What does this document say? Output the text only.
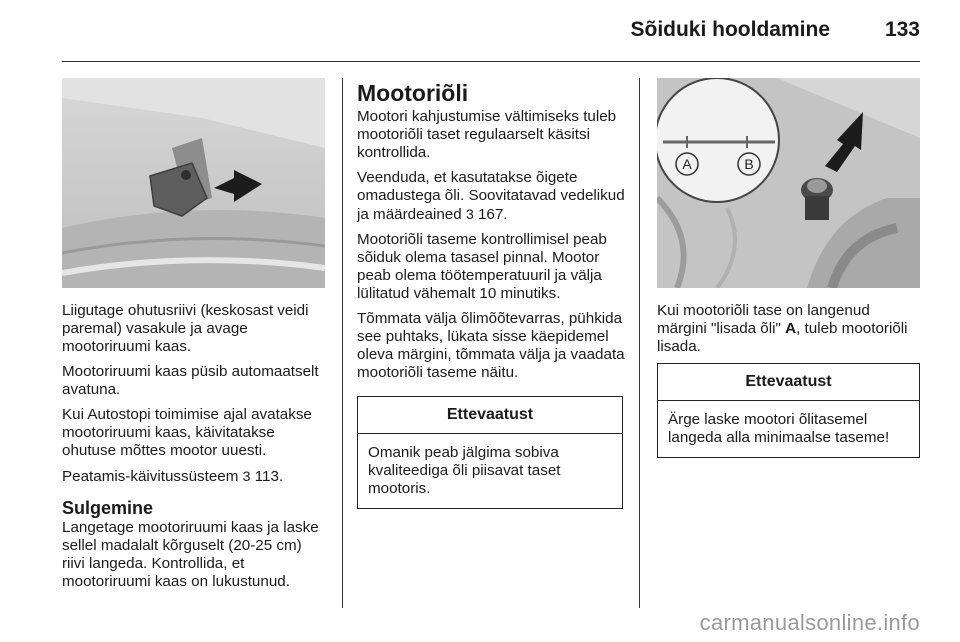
Sõiduki hooldamine	133

Liigutage ohutusriivi (keskosast veidi paremal) vasakule ja avage mootoriruumi kaas.

Mootoriruumi kaas püsib automaatselt avatuna.

Kui Autostopi toimimise ajal avatakse mootoriruumi kaas, käivitatakse ohutuse mõttes mootor uuesti.

Peatamis-käivitussüsteem 3 113.

Sulgemine

Langetage mootoriruumi kaas ja laske sellel madalalt kõrguselt (20-25 cm) riivi langeda. Kontrollida, et mootoriruumi kaas on lukustunud.

Mootoriõli

Mootori kahjustumise vältimiseks tuleb mootoriõli taset regulaarselt käsitsi kontrollida.

Veenduda, et kasutatakse õigete omadustega õli. Soovitatavad vedelikud ja määrdeained 3 167.

Mootoriõli taseme kontrollimisel peab sõiduk olema tasasel pinnal. Mootor peab olema töötemperatuuril ja välja lülitatud vähemalt 10 minutiks.

Tõmmata välja õlimõõtevarras, pühkida see puhtaks, lükata sisse käepidemel oleva märgini, tõmmata välja ja vaadata mootoriõli taseme näitu.

Ettevaatust
Omanik peab jälgima sobiva kvaliteediga õli piisavat taset mootoris.
A	B

Kui mootoriõli tase on langenud märgini "lisada õli" A, tuleb mootoriõli lisada.

Ettevaatust
Ärge laske mootori õlitasemel langeda alla minimaalse taseme!
carmanualsonline.info
